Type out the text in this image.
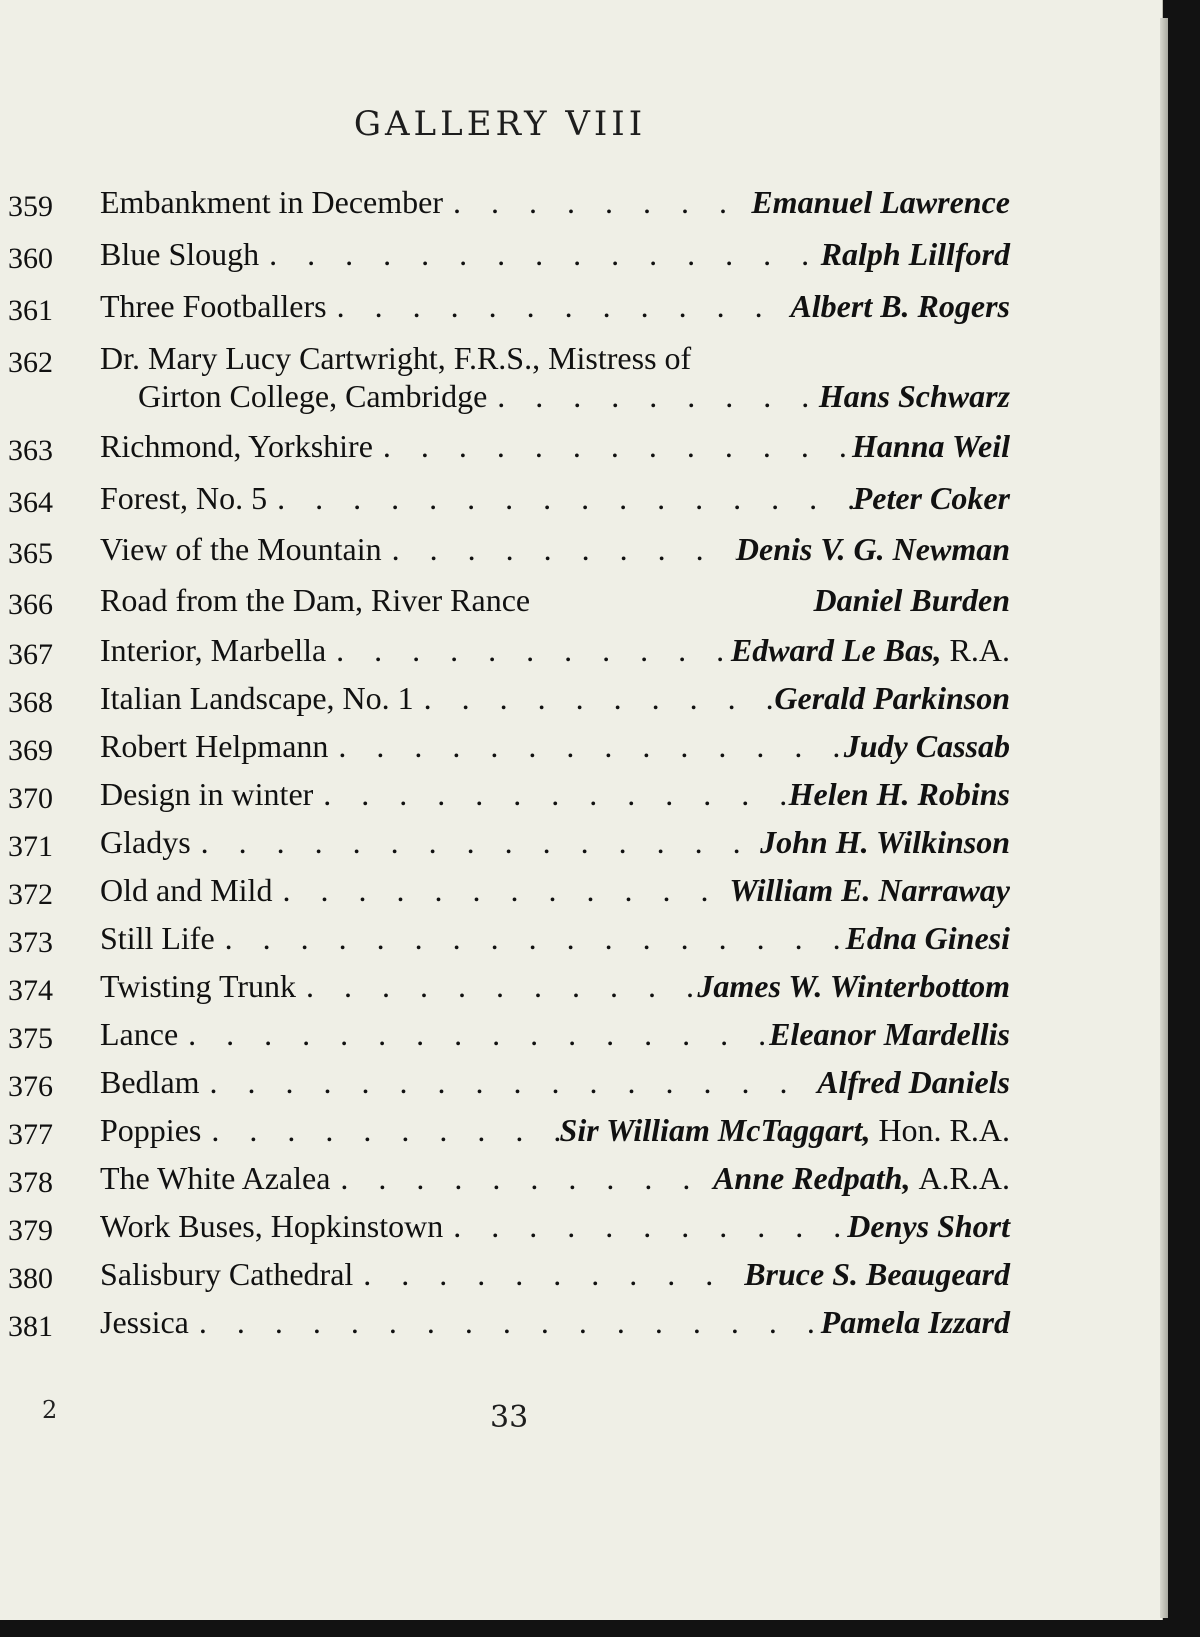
GALLERY VIII
359 Embankment in December . . .	Emanuel Lawrence
360 Blue Slough . . .	Ralph Lillford
361 Three Footballers . . .	Albert B. Rogers
362 Dr. Mary Lucy Cartwright, F.R.S., Mistress of
Girton College, Cambridge . . .	Hans Schwarz
363 Richmond, Yorkshire . . .	Hanna Weil
364 Forest, No. 5 . . .	Peter Coker
365 View of the Mountain . . .	Denis V. G. Newman
366 Road from the Dam, River Rance	Daniel Burden
367 Interior, Marbella . . .	Edward Le Bas, R.A.
368 Italian Landscape, No. 1 . . .	Gerald Parkinson
369 Robert Helpmann . . .	Judy Cassab
370 Design in winter . . .	Helen H. Robins
371 Gladys . . .	John H. Wilkinson
372 Old and Mild . . .	William E. Narraway
373 Still Life . . .	Edna Ginesi
374 Twisting Trunk . . .	James W. Winterbottom
375 Lance . . .	Eleanor Mardellis
376 Bedlam . . .	Alfred Daniels
377 Poppies . . .	Sir William McTaggart, Hon. R.A.
378 The White Azalea . . .	Anne Redpath, A.R.A.
379 Work Buses, Hopkinstown . . .	Denys Short
380 Salisbury Cathedral . . .	Bruce S. Beaugeard
381 Jessica . . .	Pamela Izzard
2	33
